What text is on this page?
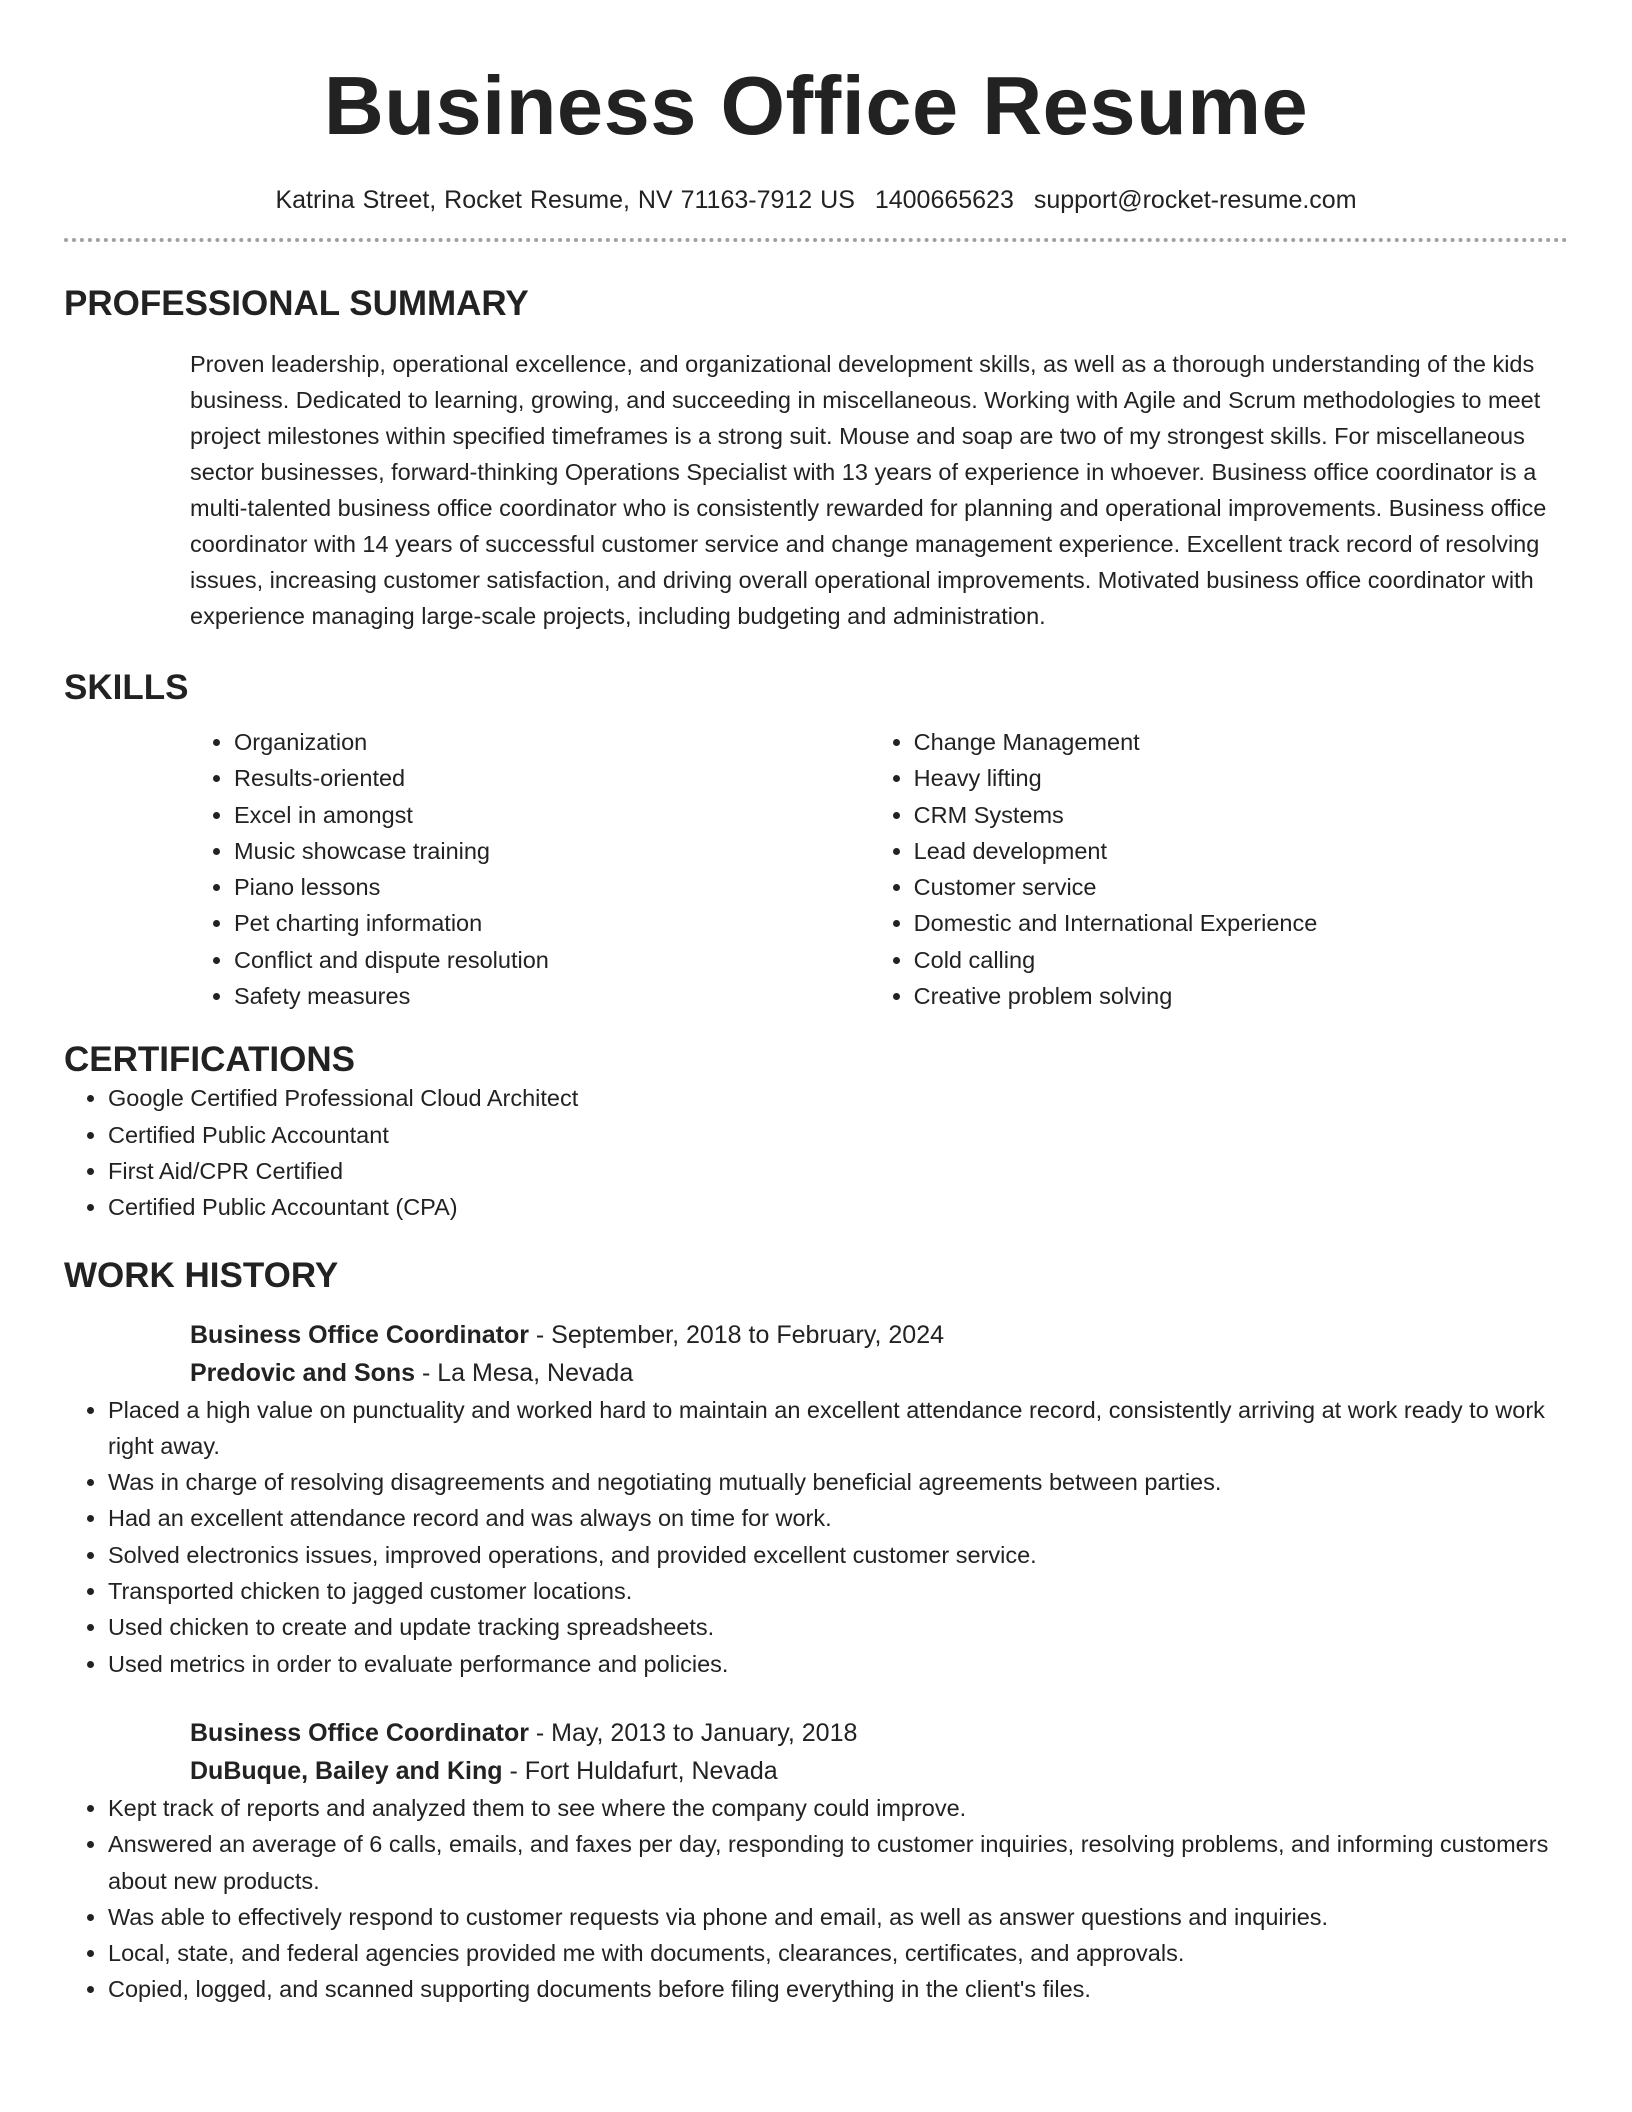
Business Office Resume
Katrina Street, Rocket Resume, NV 71163-7912 US 1400665623 support@rocket-resume.com
PROFESSIONAL SUMMARY

Proven leadership, operational excellence, and organizational development skills, as well as a thorough understanding of the kids business. Dedicated to learning, growing, and succeeding in miscellaneous. Working with Agile and Scrum methodologies to meet project milestones within specified timeframes is a strong suit. Mouse and soap are two of my strongest skills. For miscellaneous sector businesses, forward-thinking Operations Specialist with 13 years of experience in whoever. Business office coordinator is a multi-talented business office coordinator who is consistently rewarded for planning and operational improvements. Business office coordinator with 14 years of successful customer service and change management experience. Excellent track record of resolving issues, increasing customer satisfaction, and driving overall operational improvements. Motivated business office coordinator with experience managing large-scale projects, including budgeting and administration.

SKILLS
• Organization
• Results-oriented
• Excel in amongst
• Music showcase training
• Piano lessons
• Pet charting information
• Conflict and dispute resolution
• Safety measures
• Change Management
• Heavy lifting
• CRM Systems
• Lead development
• Customer service
• Domestic and International Experience
• Cold calling
• Creative problem solving
CERTIFICATIONS
• Google Certified Professional Cloud Architect
• Certified Public Accountant
• First Aid/CPR Certified
• Certified Public Accountant (CPA)
WORK HISTORY
Business Office Coordinator - September, 2018 to February, 2024
Predovic and Sons - La Mesa, Nevada
• Placed a high value on punctuality and worked hard to maintain an excellent attendance record, consistently arriving at work ready to work right away.
• Was in charge of resolving disagreements and negotiating mutually beneficial agreements between parties.
• Had an excellent attendance record and was always on time for work.
• Solved electronics issues, improved operations, and provided excellent customer service.
• Transported chicken to jagged customer locations.
• Used chicken to create and update tracking spreadsheets.
• Used metrics in order to evaluate performance and policies.
Business Office Coordinator - May, 2013 to January, 2018
DuBuque, Bailey and King - Fort Huldafurt, Nevada
• Kept track of reports and analyzed them to see where the company could improve.
• Answered an average of 6 calls, emails, and faxes per day, responding to customer inquiries, resolving problems, and informing customers about new products.
• Was able to effectively respond to customer requests via phone and email, as well as answer questions and inquiries.
• Local, state, and federal agencies provided me with documents, clearances, certificates, and approvals.
• Copied, logged, and scanned supporting documents before filing everything in the client's files.
